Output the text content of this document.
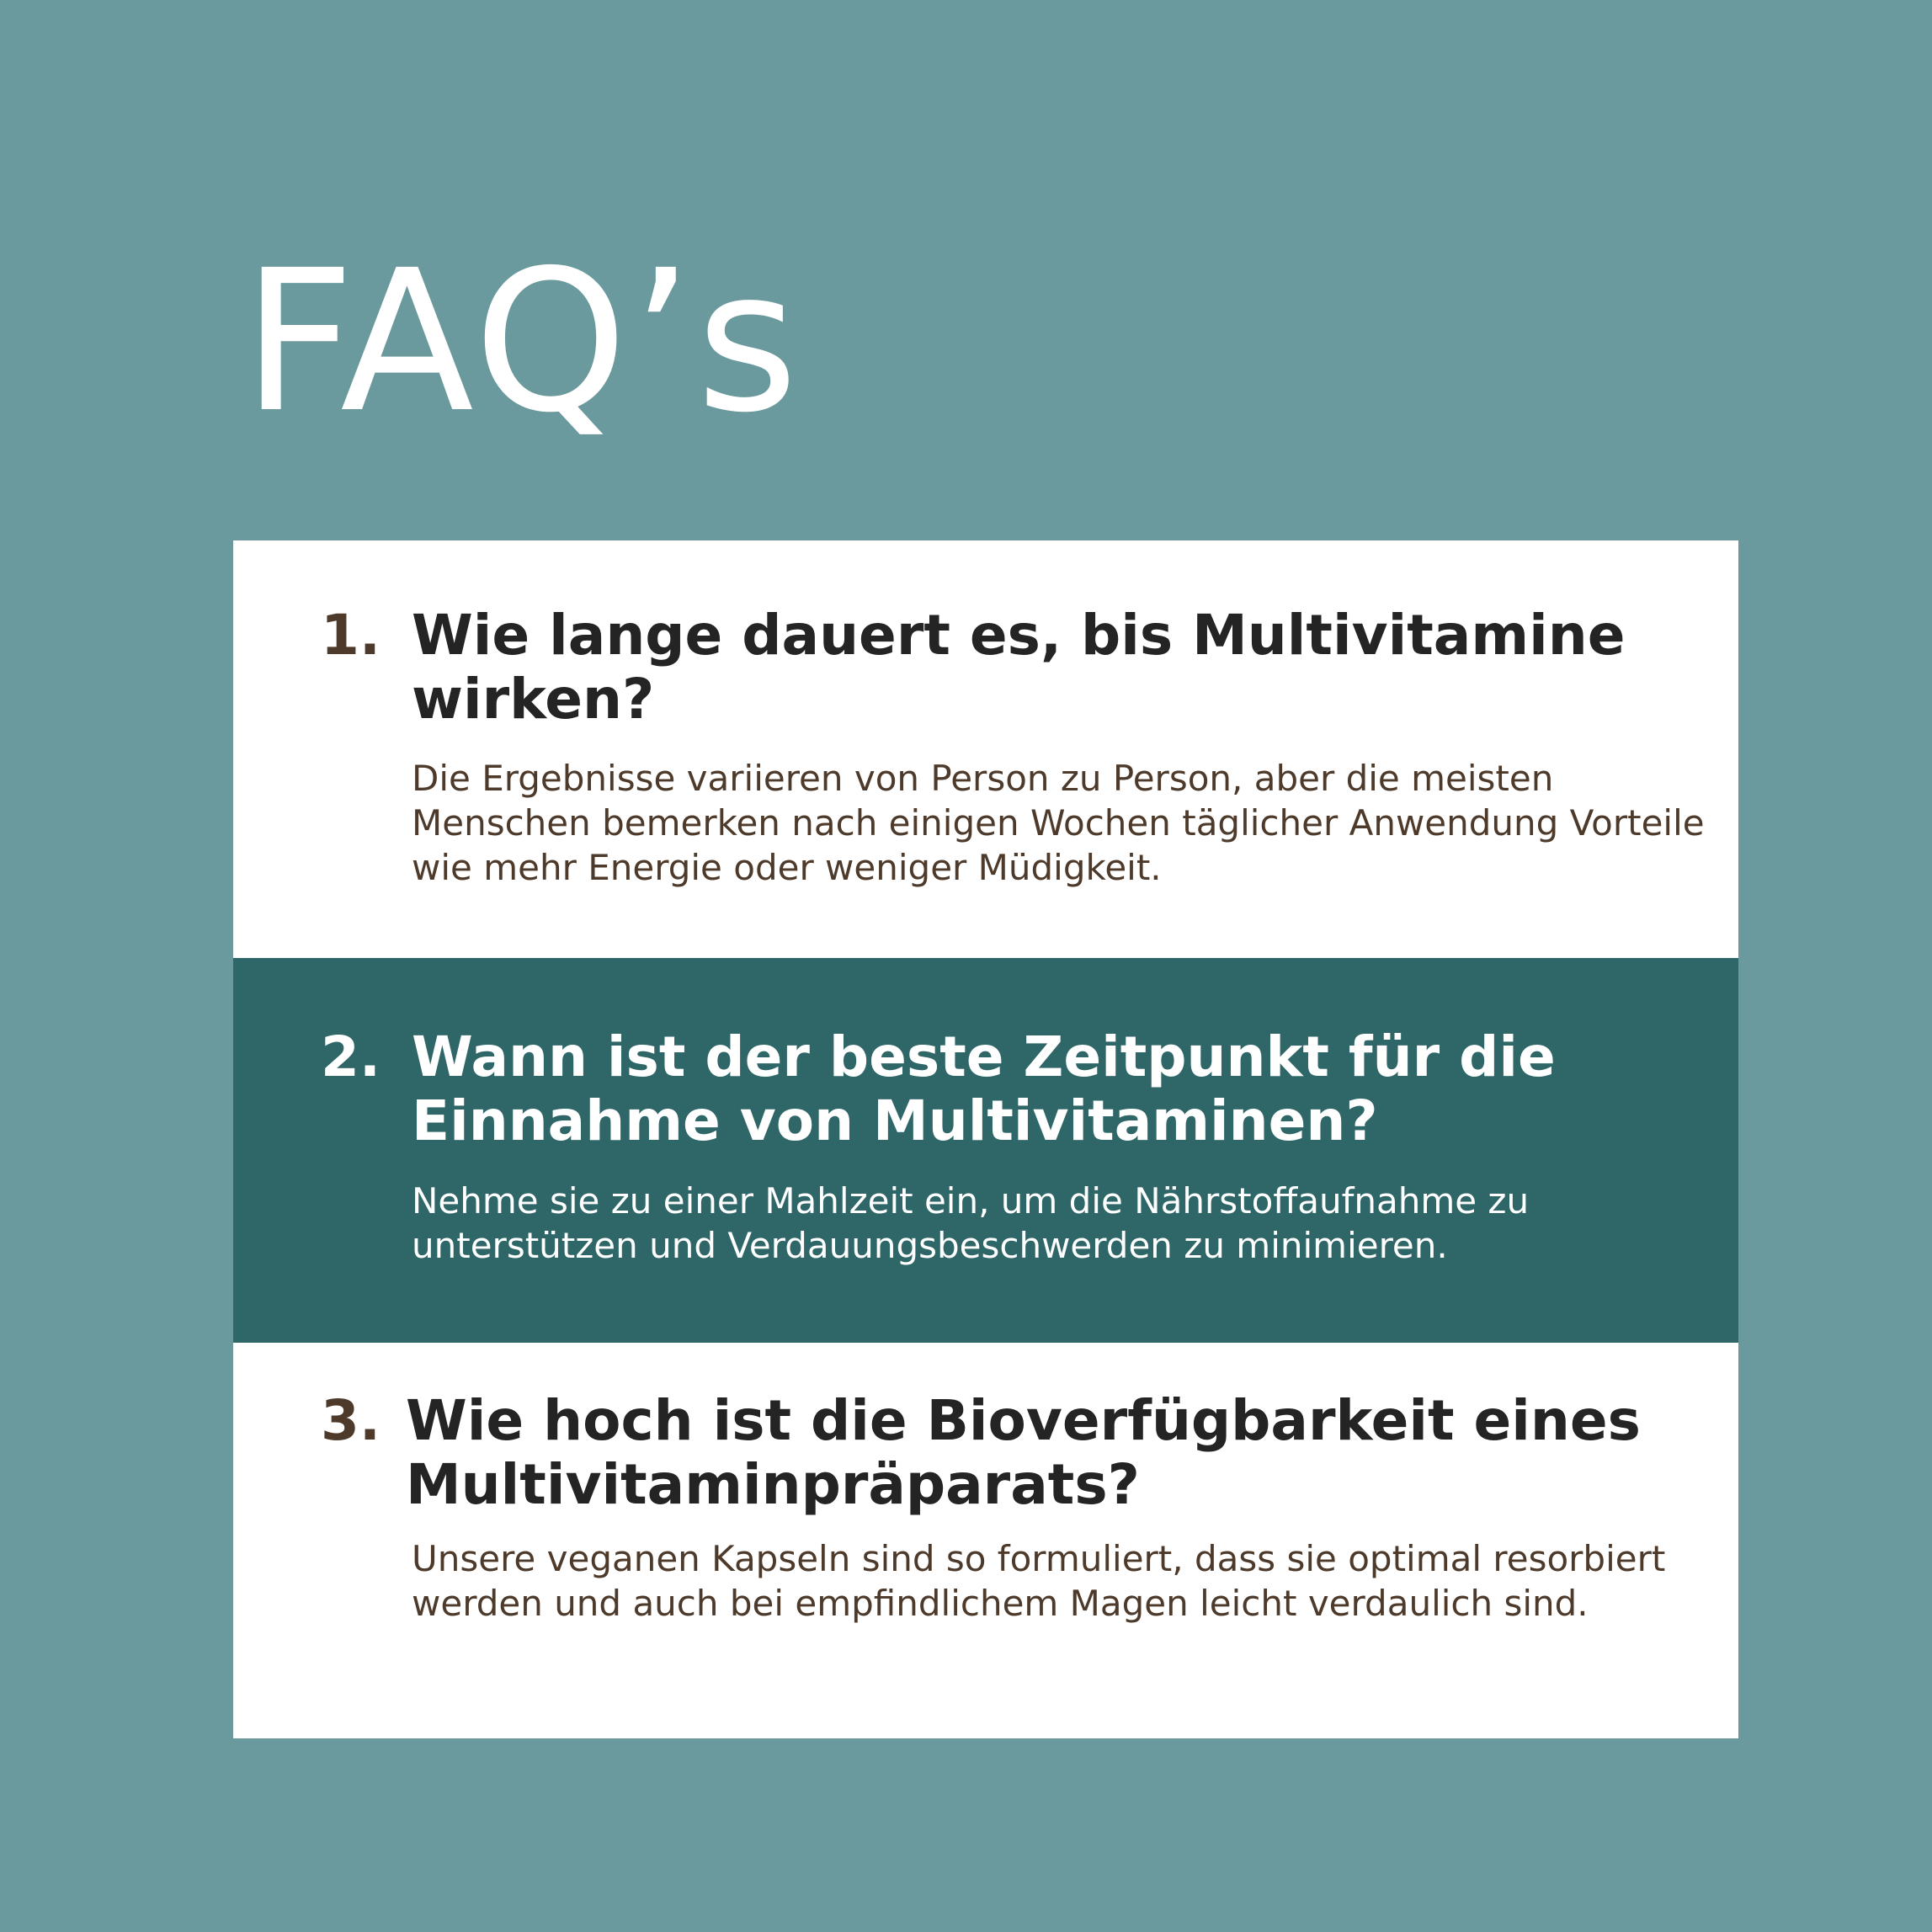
FAQ’s
1. Wie lange dauert es, bis Multivitamine wirken?

Die Ergebnisse variieren von Person zu Person, aber die meisten Menschen bemerken nach einigen Wochen täglicher Anwendung Vorteile wie mehr Energie oder weniger Müdigkeit.

2. Wann ist der beste Zeitpunkt für die Einnahme von Multivitaminen?

Nehme sie zu einer Mahlzeit ein, um die Nährstoffaufnahme zu unterstützen und Verdauungsbeschwerden zu minimieren.

3. Wie hoch ist die Bioverfügbarkeit eines Multivitaminpräparats?

Unsere veganen Kapseln sind so formuliert, dass sie optimal resorbiert werden und auch bei empfindlichem Magen leicht verdaulich sind.
